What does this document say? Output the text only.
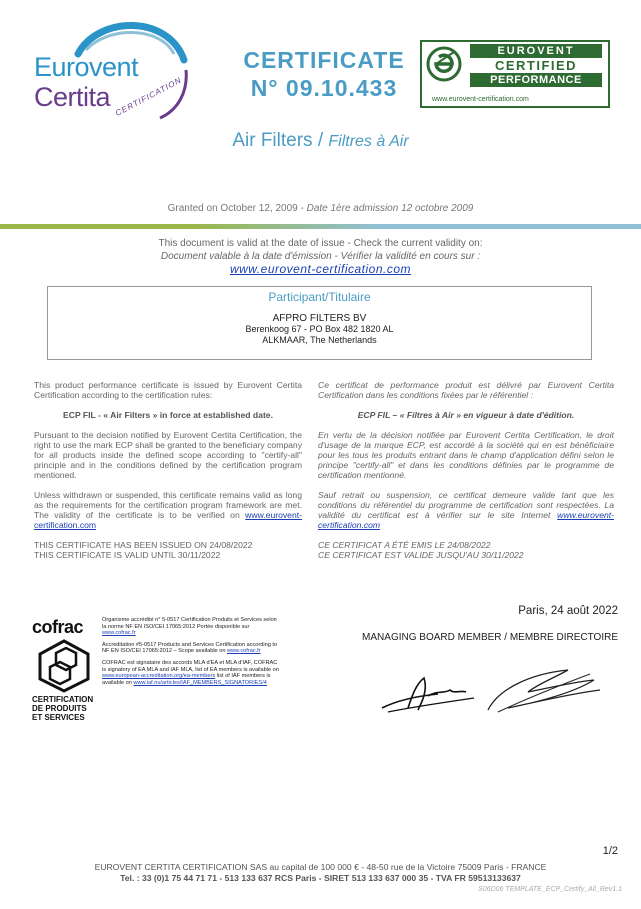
Eurovent
Certita CERTIFICATION
CERTIFICATE
N° 09.10.433
EUROVENT
CERTIFIED
PERFORMANCE
www.eurovent-certification.com
Air Filters / Filtres à Air
Granted on October 12, 2009 - Date 1ère admission 12 octobre 2009
This document is valid at the date of issue - Check the current validity on:
Document valable à la date d'émission - Vérifier la validité en cours sur :
www.eurovent-certification.com
Participant/Titulaire
AFPRO FILTERS BV
Berenkoog 67 - PO Box 482 1820 AL
ALKMAAR, The Netherlands

This product performance certificate is issued by Eurovent Certita Certification according to the certification rules:

ECP FIL - « Air Filters » in force at established date.

Pursuant to the decision notified by Eurovent Certita Certification, the right to use the mark ECP shall be granted to the beneficiary company for all products inside the defined scope according to "certify-all" principle and in the conditions defined by the certification program mentioned.

Unless withdrawn or suspended, this certificate remains valid as long as the requirements for the certification program framework are met. The validity of the certificate is to be verified on www.eurovent-certification.com

THIS CERTIFICATE HAS BEEN ISSUED ON 24/08/2022

THIS CERTIFICATE IS VALID UNTIL 30/11/2022

Ce certificat de performance produit est délivré par Eurovent Certita Certification dans les conditions fixées par le référentiel :

ECP FIL – « Filtres à Air » en vigueur à date d'édition.

En vertu de la décision notifiée par Eurovent Certita Certification, le droit d'usage de la marque ECP, est accordé à la société qui en est bénéficiaire pour les tous les produits entrant dans le champ d'application défini selon le principe "certify-all" et dans les conditions définies par le programme de certification mentionné.

Sauf retrait ou suspension, ce certificat demeure valide tant que les conditions du référentiel du programme de certification sont respectées. La validité du certificat est à vérifier sur le site Internet www.eurovent-certification.com

CE CERTIFICAT A ÉTÉ EMIS LE 24/08/2022

CE CERTIFICAT EST VALIDE JUSQU'AU 30/11/2022

cofrac
CERTIFICATION
DE PRODUITS
ET SERVICES

Organisme accrédité n° 5-0517 Certification Produits et Services selon la norme NF EN ISO/CEI 17065:2012 Portée disponible sur www.cofrac.fr

Accreditation #5-0517 Products and Services Certification according to NF EN ISO/CEI 17065:2012 – Scope available on www.cofrac.fr

COFRAC est signataire des accords MLA d'EA et MLA d'IAF, COFRAC is signatory of EA MLA and IAF MLA, list of EA members is available on www.european-accreditation.org/ea-members list of IAF members is available on www.iaf.nu/articles/IAF_MEMBERS_SIGNATORIES/4

Paris, 24 août 2022
MANAGING BOARD MEMBER / MEMBRE DIRECTOIRE
1/2
EUROVENT CERTITA CERTIFICATION SAS au capital de 100 000 € - 48-50 rue de la Victoire 75009 Paris - FRANCE
Tel. : 33 (0)1 75 44 71 71 - 513 133 637 RCS Paris - SIRET 513 133 637 000 35 - TVA FR 59513133637
S06D06 TEMPLATE_ECP_Certify_All_Rev1.1
